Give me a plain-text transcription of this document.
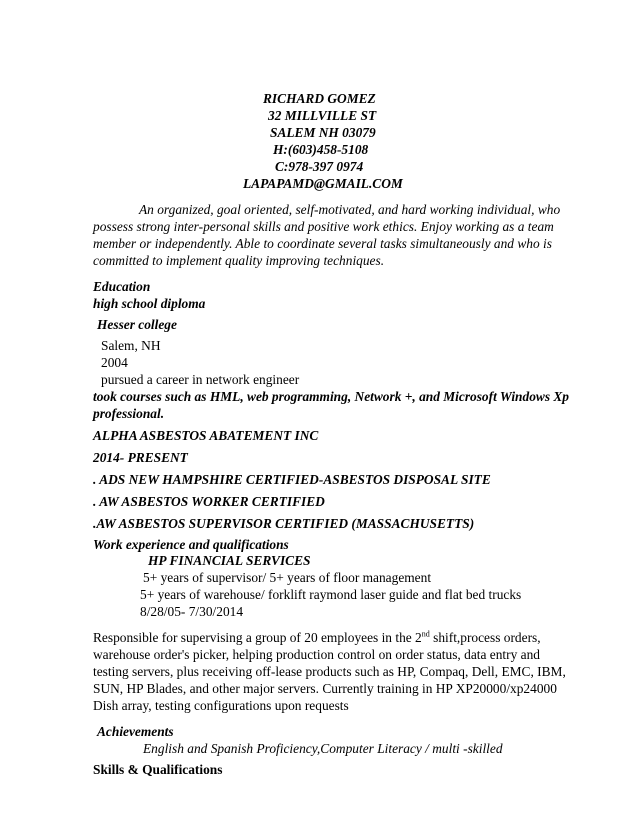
RICHARD GOMEZ
32 MILLVILLE ST
SALEM NH 03079
H:(603)458-5108
C:978-397 0974
LAPAPAMD@GMAIL.COM
An organized, goal oriented, self-motivated, and hard working individual, who
possess strong inter-personal skills and positive work ethics. Enjoy working as a team
member or independently. Able to coordinate several tasks simultaneously and who is
committed to implement quality improving techniques.
Education
high school diploma
Hesser college
Salem, NH
2004
pursued a career in network engineer
took courses such as HML, web programming, Network +, and Microsoft Windows Xp
professional.
ALPHA ASBESTOS ABATEMENT INC
2014- PRESENT
. ADS NEW HAMPSHIRE CERTIFIED-ASBESTOS DISPOSAL SITE
. AW ASBESTOS WORKER CERTIFIED
.AW ASBESTOS SUPERVISOR CERTIFIED (MASSACHUSETTS)
Work experience and qualifications
HP FINANCIAL SERVICES
5+ years of supervisor/ 5+ years of floor management
5+ years of warehouse/ forklift raymond laser guide and flat bed trucks
8/28/05- 7/30/2014
Responsible for supervising a group of 20 employees in the 2nd shift,process orders,
warehouse order's picker, helping production control on order status, data entry and
testing servers, plus receiving off-lease products such as HP, Compaq, Dell, EMC, IBM,
SUN, HP Blades, and other major servers. Currently training in HP XP20000/xp24000
Dish array, testing configurations upon requests
Achievements
English and Spanish Proficiency,Computer Literacy / multi -skilled
Skills & Qualifications
